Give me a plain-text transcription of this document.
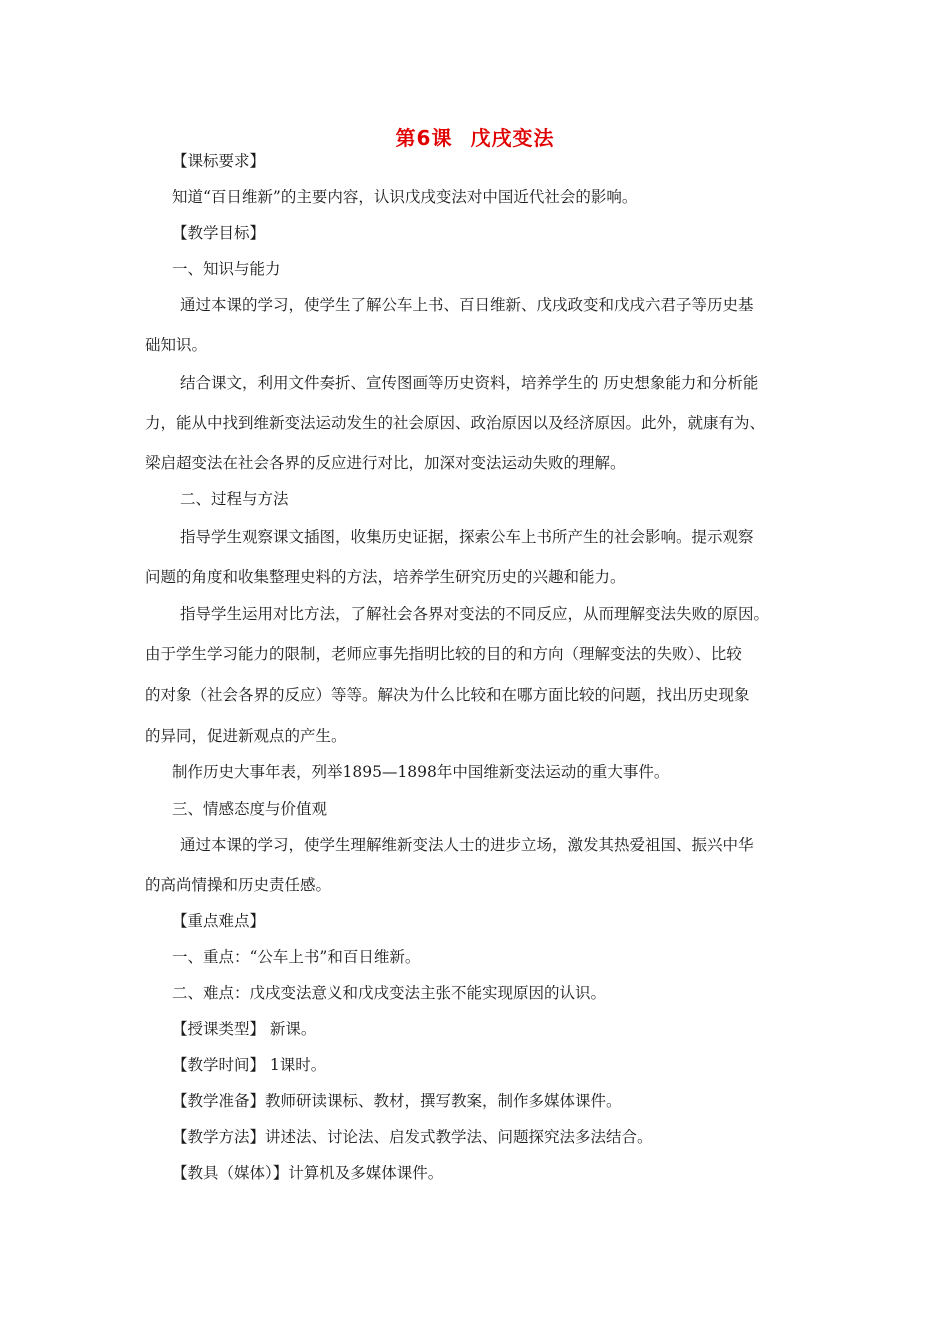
第6课 戊戌变法
【课标要求】
知道“百日维新”的主要内容，认识戊戌变法对中国近代社会的影响。
【教学目标】
一、知识与能力
通过本课的学习，使学生了解公车上书、百日维新、戊戌政变和戊戌六君子等历史基
础知识。
结合课文，利用文件奏折、宣传图画等历史资料，培养学生的 历史想象能力和分析能
力，能从中找到维新变法运动发生的社会原因、政治原因以及经济原因。此外，就康有为、
梁启超变法在社会各界的反应进行对比，加深对变法运动失败的理解。
二、过程与方法
指导学生观察课文插图，收集历史证据，探索公车上书所产生的社会影响。提示观察
问题的角度和收集整理史料的方法，培养学生研究历史的兴趣和能力。
指导学生运用对比方法，了解社会各界对变法的不同反应，从而理解变法失败的原因。
由于学生学习能力的限制，老师应事先指明比较的目的和方向（理解变法的失败）、比较
的对象（社会各界的反应）等等。解决为什么比较和在哪方面比较的问题，找出历史现象
的异同，促进新观点的产生。
制作历史大事年表，列举1895—1898年中国维新变法运动的重大事件。
三、情感态度与价值观
通过本课的学习，使学生理解维新变法人士的进步立场，激发其热爱祖国、振兴中华
的高尚情操和历史责任感。
【重点难点】
一、重点：“公车上书”和百日维新。
二、难点：戊戌变法意义和戊戌变法主张不能实现原因的认识。
【授课类型】 新课。
【教学时间】 1课时。
【教学准备】教师研读课标、教材，撰写教案，制作多媒体课件。
【教学方法】讲述法、讨论法、启发式教学法、问题探究法多法结合。
【教具（媒体）】计算机及多媒体课件。
